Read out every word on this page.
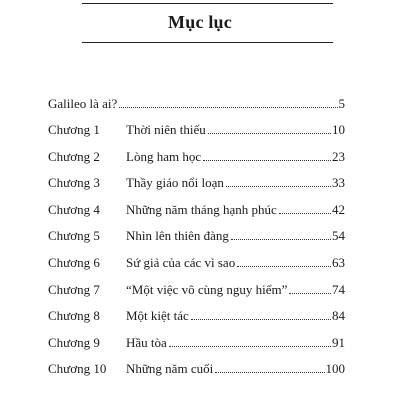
Mục lục
Galileo là ai?	5
Chương 1	Thời niên thiếu	10
Chương 2	Lòng ham học	23
Chương 3	Thầy giáo nổi loạn	33
Chương 4	Những năm tháng hạnh phúc	42
Chương 5	Nhìn lên thiên đàng	54
Chương 6	Sứ giả của các vì sao	63
Chương 7	“Một việc vô cùng nguy hiểm”	74
Chương 8	Một kiệt tác	84
Chương 9	Hầu tòa	91
Chương 10	Những năm cuối	100
